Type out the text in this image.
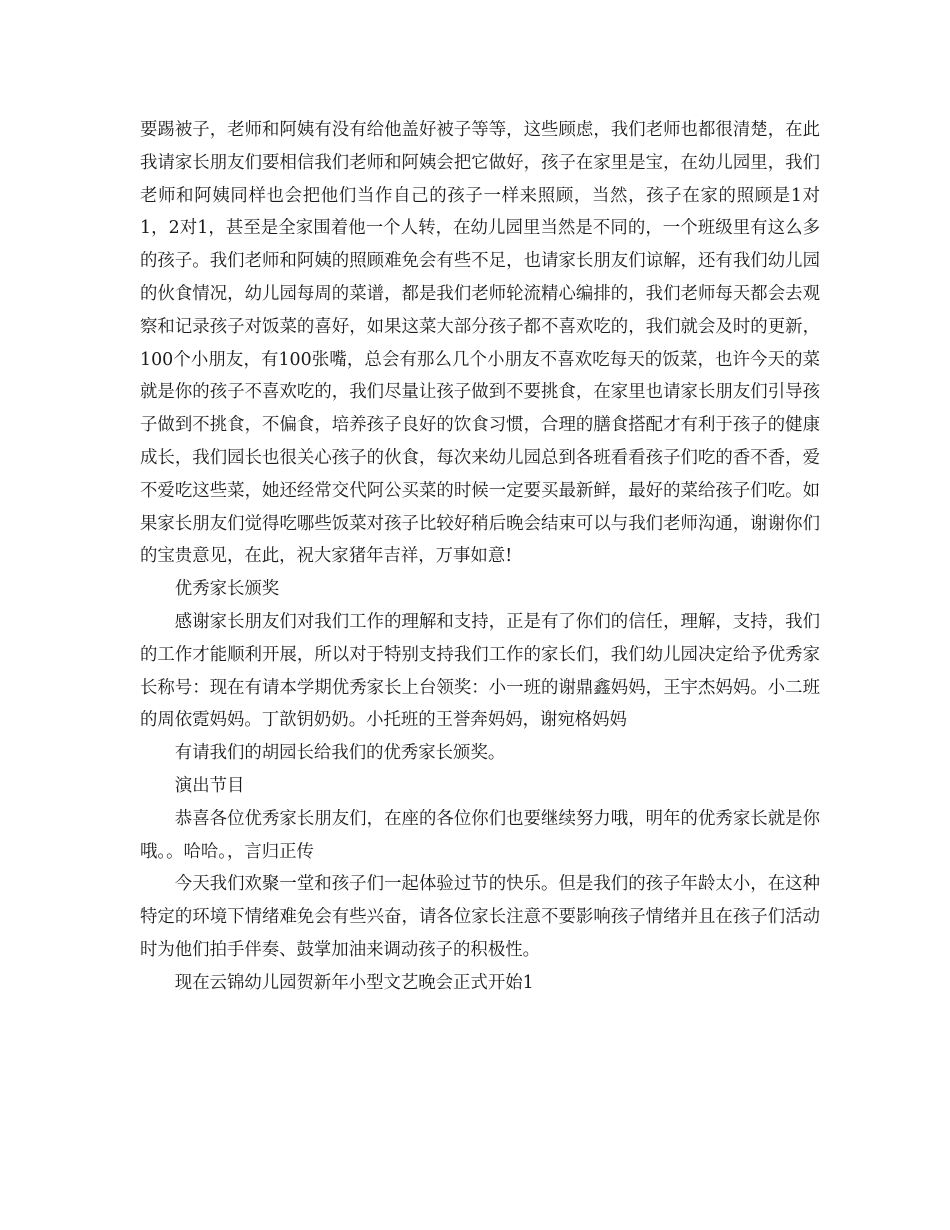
要踢被子，老师和阿姨有没有给他盖好被子等等，这些顾虑，我们老师也都很清楚，在此我请家长朋友们要相信我们老师和阿姨会把它做好，孩子在家里是宝，在幼儿园里，我们老师和阿姨同样也会把他们当作自己的孩子一样来照顾，当然，孩子在家的照顾是1对1，2对1，甚至是全家围着他一个人转，在幼儿园里当然是不同的，一个班级里有这么多的孩子。我们老师和阿姨的照顾难免会有些不足，也请家长朋友们谅解，还有我们幼儿园的伙食情况，幼儿园每周的菜谱，都是我们老师轮流精心编排的，我们老师每天都会去观察和记录孩子对饭菜的喜好，如果这菜大部分孩子都不喜欢吃的，我们就会及时的更新，100个小朋友，有100张嘴，总会有那么几个小朋友不喜欢吃每天的饭菜，也许今天的菜就是你的孩子不喜欢吃的，我们尽量让孩子做到不要挑食，在家里也请家长朋友们引导孩子做到不挑食，不偏食，培养孩子良好的饮食习惯，合理的膳食搭配才有利于孩子的健康成长，我们园长也很关心孩子的伙食，每次来幼儿园总到各班看看孩子们吃的香不香，爱不爱吃这些菜，她还经常交代阿公买菜的时候一定要买最新鲜，最好的菜给孩子们吃。如果家长朋友们觉得吃哪些饭菜对孩子比较好稍后晚会结束可以与我们老师沟通，谢谢你们的宝贵意见，在此，祝大家猪年吉祥，万事如意!

优秀家长颁奖

感谢家长朋友们对我们工作的理解和支持，正是有了你们的信任，理解，支持，我们的工作才能顺利开展，所以对于特别支持我们工作的家长们，我们幼儿园决定给予优秀家长称号：现在有请本学期优秀家长上台领奖：小一班的谢鼎鑫妈妈，王宇杰妈妈。小二班的周依霓妈妈。丁歆钥奶奶。小托班的王誉奔妈妈，谢宛格妈妈

有请我们的胡园长给我们的优秀家长颁奖。

演出节目

恭喜各位优秀家长朋友们，在座的各位你们也要继续努力哦，明年的优秀家长就是你哦。。哈哈。，言归正传

今天我们欢聚一堂和孩子们一起体验过节的快乐。但是我们的孩子年龄太小，在这种特定的环境下情绪难免会有些兴奋，请各位家长注意不要影响孩子情绪并且在孩子们活动时为他们拍手伴奏、鼓掌加油来调动孩子的积极性。

现在云锦幼儿园贺新年小型文艺晚会正式开始1
